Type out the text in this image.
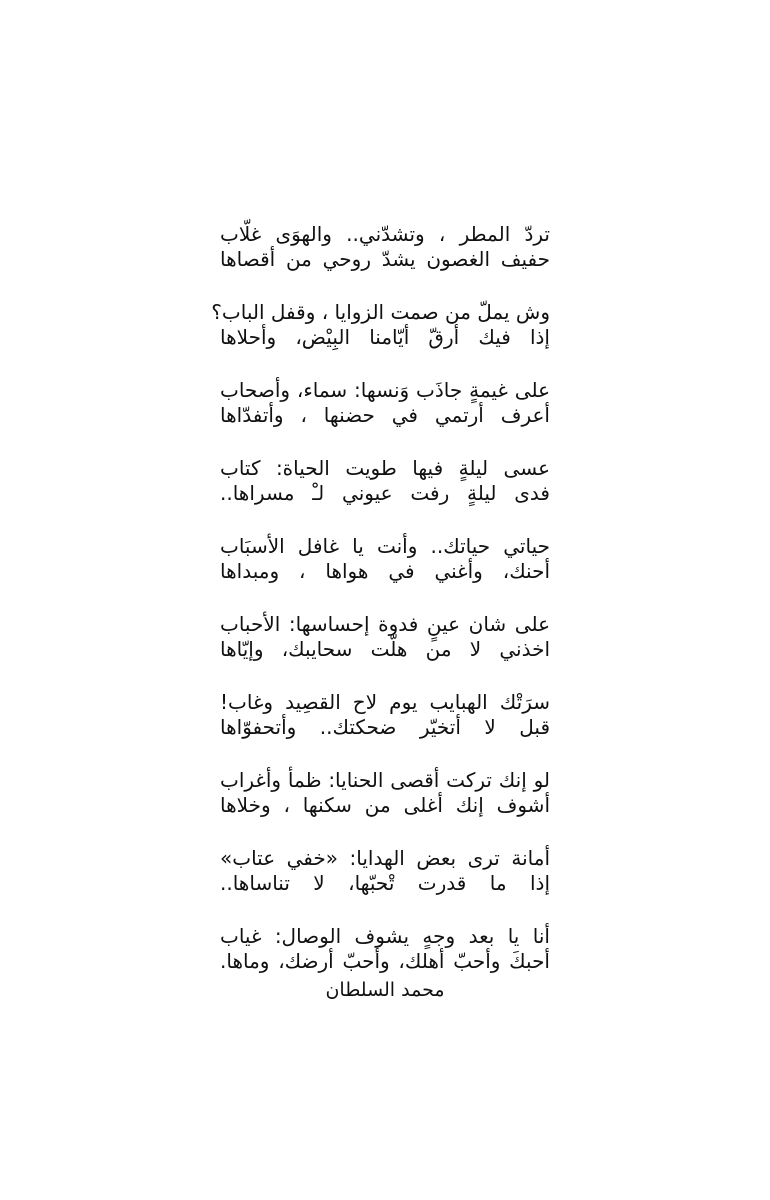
تردّ المطر ، وتشدّني.. والهوَى غلّاب
حفيف الغصون يشدّ روحي من أقصاها
وش يملّ من صمت الزوايا ، وقفل الباب؟
إذا فيك أرقّ أيّامنا البِيْض، وأحلاها
على غيمةٍ جاذَب وَنسها: سماء، وأصحاب
أعرف أرتمي في حضنها ، وأتفدّاها
عسى ليلةٍ فيها طويت الحياة: كتاب
فدى ليلةٍ رفت عيوني لـْ مسراها..
حياتي حياتك.. وأنت يا غافل الأسبَاب
أحنك، وأغني في هواها ، ومبداها
على شان عينٍ فدوة إحساسها: الأحباب
اخذني لا من هلّت سحايبك، وإيّاها
سرَتْك الهبايب يوم لاح القصِيد وغاب!
قبل لا أتخيّر ضحكتك.. وأتحفوّاها
لو إنك تركت أقصى الحنايا: ظمأ وأغراب
أشوف إنك أغلى من سكنها ، وخلاها
أمانة ترى بعض الهدايا: «خفي عتاب»
إذا ما قدرت تْحبّها، لا تناساها..
أنا يا بعد وجهٍ يشوف الوصال: غياب
أحبكَ وأحبّ أهلك، وأحبّ أرضك، وماها.
محمد السلطان
